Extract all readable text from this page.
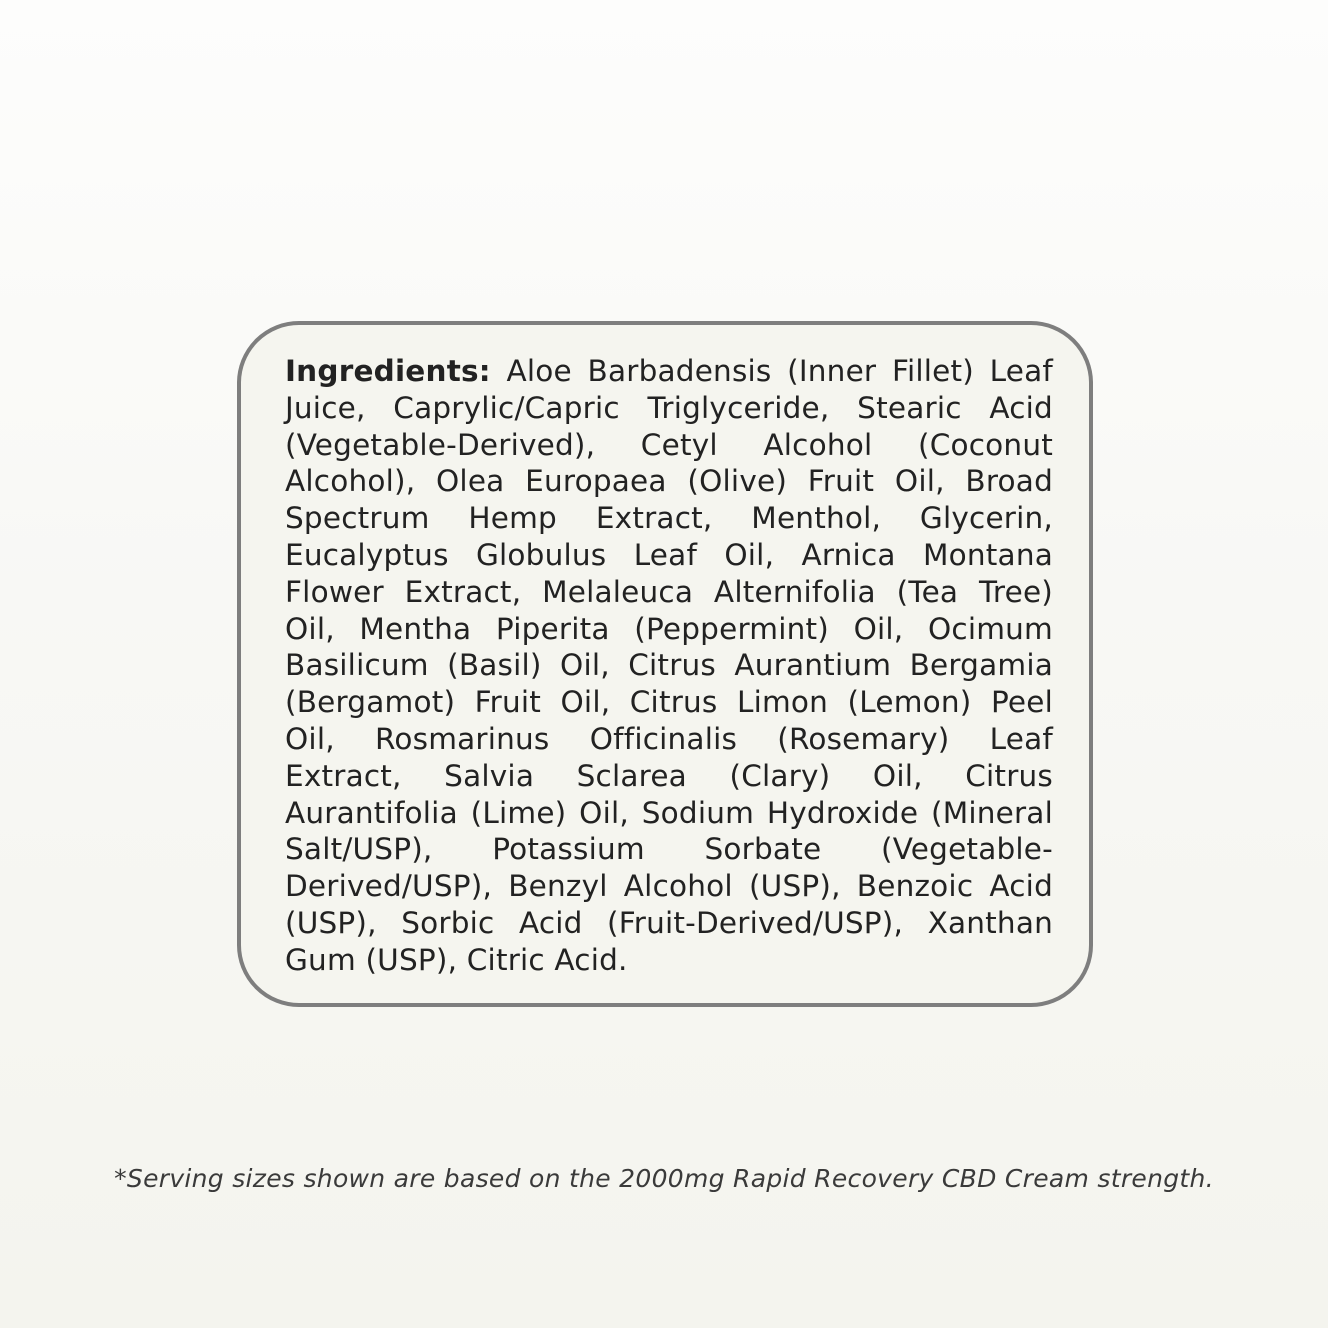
Ingredients: Aloe Barbadensis (Inner Fillet) Leaf Juice, Caprylic/Capric Triglyceride, Stearic Acid (Vegetable-Derived), Cetyl Alcohol (Coconut Alcohol), Olea Europaea (Olive) Fruit Oil, Broad Spectrum Hemp Extract, Menthol, Glycerin, Eucalyptus Globulus Leaf Oil, Arnica Montana Flower Extract, Melaleuca Alternifolia (Tea Tree) Oil, Mentha Piperita (Peppermint) Oil, Ocimum Basilicum (Basil) Oil, Citrus Aurantium Bergamia (Bergamot) Fruit Oil, Citrus Limon (Lemon) Peel Oil, Rosmarinus Officinalis (Rosemary) Leaf Extract, Salvia Sclarea (Clary) Oil, Citrus Aurantifolia (Lime) Oil, Sodium Hydroxide (Mineral Salt/USP), Potassium Sorbate (Vegetable-Derived/USP), Benzyl Alcohol (USP), Benzoic Acid (USP), Sorbic Acid (Fruit-Derived/USP), Xanthan Gum (USP), Citric Acid.

*Serving sizes shown are based on the 2000mg Rapid Recovery CBD Cream strength.
